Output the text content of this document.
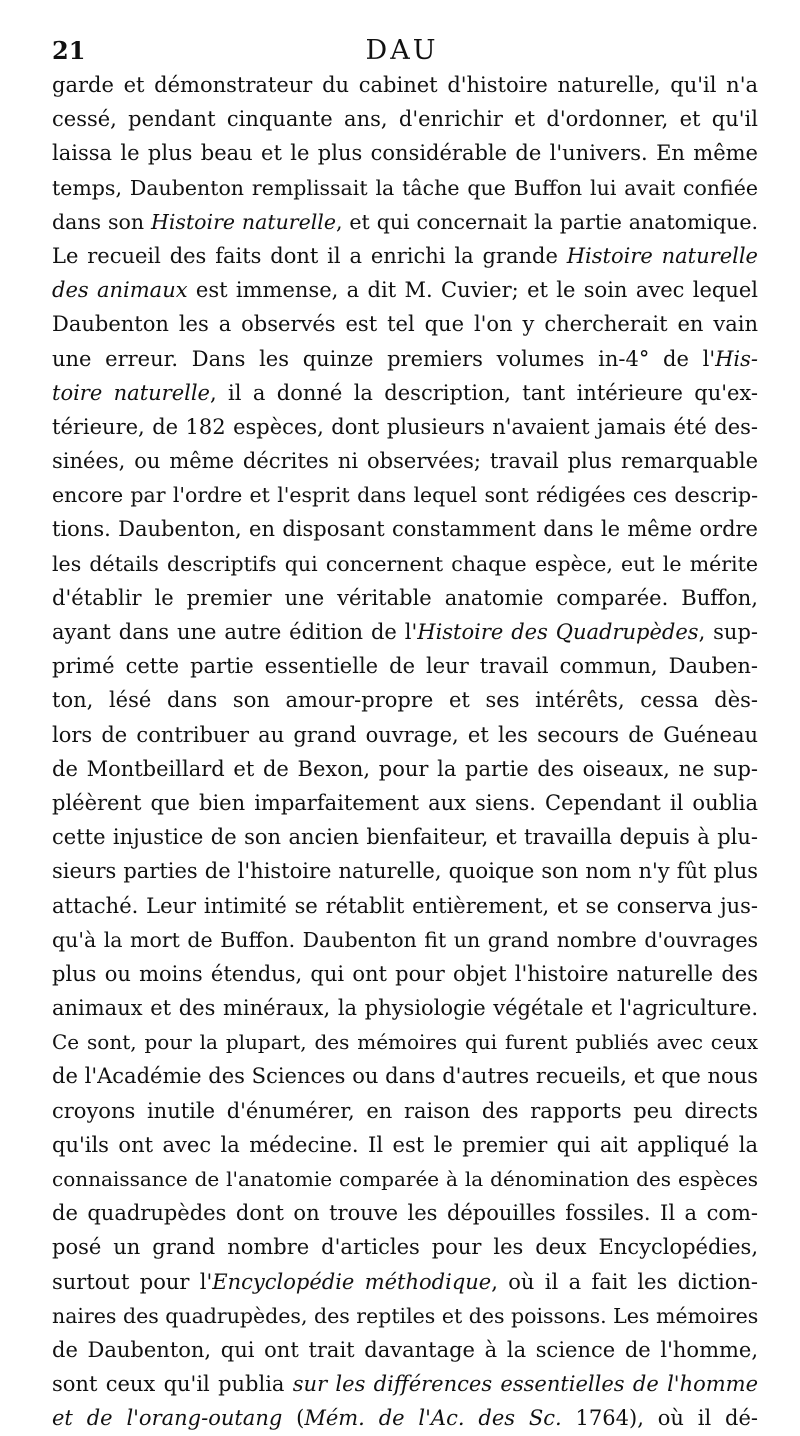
21	DAU
garde et démonstrateur du cabinet d'histoire naturelle, qu'il n'a
cessé, pendant cinquante ans, d'enrichir et d'ordonner, et qu'il
laissa le plus beau et le plus considérable de l'univers. En même
temps, Daubenton remplissait la tâche que Buffon lui avait confiée
dans son Histoire naturelle, et qui concernait la partie anatomique.
Le recueil des faits dont il a enrichi la grande Histoire naturelle
des animaux est immense, a dit M. Cuvier; et le soin avec lequel
Daubenton les a observés est tel que l'on y chercherait en vain
une erreur. Dans les quinze premiers volumes in-4° de l'His-
toire naturelle, il a donné la description, tant intérieure qu'ex-
térieure, de 182 espèces, dont plusieurs n'avaient jamais été des-
sinées, ou même décrites ni observées; travail plus remarquable
encore par l'ordre et l'esprit dans lequel sont rédigées ces descrip-
tions. Daubenton, en disposant constamment dans le même ordre
les détails descriptifs qui concernent chaque espèce, eut le mérite
d'établir le premier une véritable anatomie comparée. Buffon,
ayant dans une autre édition de l'Histoire des Quadrupèdes, sup-
primé cette partie essentielle de leur travail commun, Dauben-
ton, lésé dans son amour-propre et ses intérêts, cessa dès-
lors de contribuer au grand ouvrage, et les secours de Guéneau
de Montbeillard et de Bexon, pour la partie des oiseaux, ne sup-
pléèrent que bien imparfaitement aux siens. Cependant il oublia
cette injustice de son ancien bienfaiteur, et travailla depuis à plu-
sieurs parties de l'histoire naturelle, quoique son nom n'y fût plus
attaché. Leur intimité se rétablit entièrement, et se conserva jus-
qu'à la mort de Buffon. Daubenton fit un grand nombre d'ouvrages
plus ou moins étendus, qui ont pour objet l'histoire naturelle des
animaux et des minéraux, la physiologie végétale et l'agriculture.
Ce sont, pour la plupart, des mémoires qui furent publiés avec ceux
de l'Académie des Sciences ou dans d'autres recueils, et que nous
croyons inutile d'énumérer, en raison des rapports peu directs
qu'ils ont avec la médecine. Il est le premier qui ait appliqué la
connaissance de l'anatomie comparée à la dénomination des espèces
de quadrupèdes dont on trouve les dépouilles fossiles. Il a com-
posé un grand nombre d'articles pour les deux Encyclopédies,
surtout pour l'Encyclopédie méthodique, où il a fait les diction-
naires des quadrupèdes, des reptiles et des poissons. Les mémoires
de Daubenton, qui ont trait davantage à la science de l'homme,
sont ceux qu'il publia sur les différences essentielles de l'homme
et de l'orang-outang (Mém. de l'Ac. des Sc. 1764), où il dé-
